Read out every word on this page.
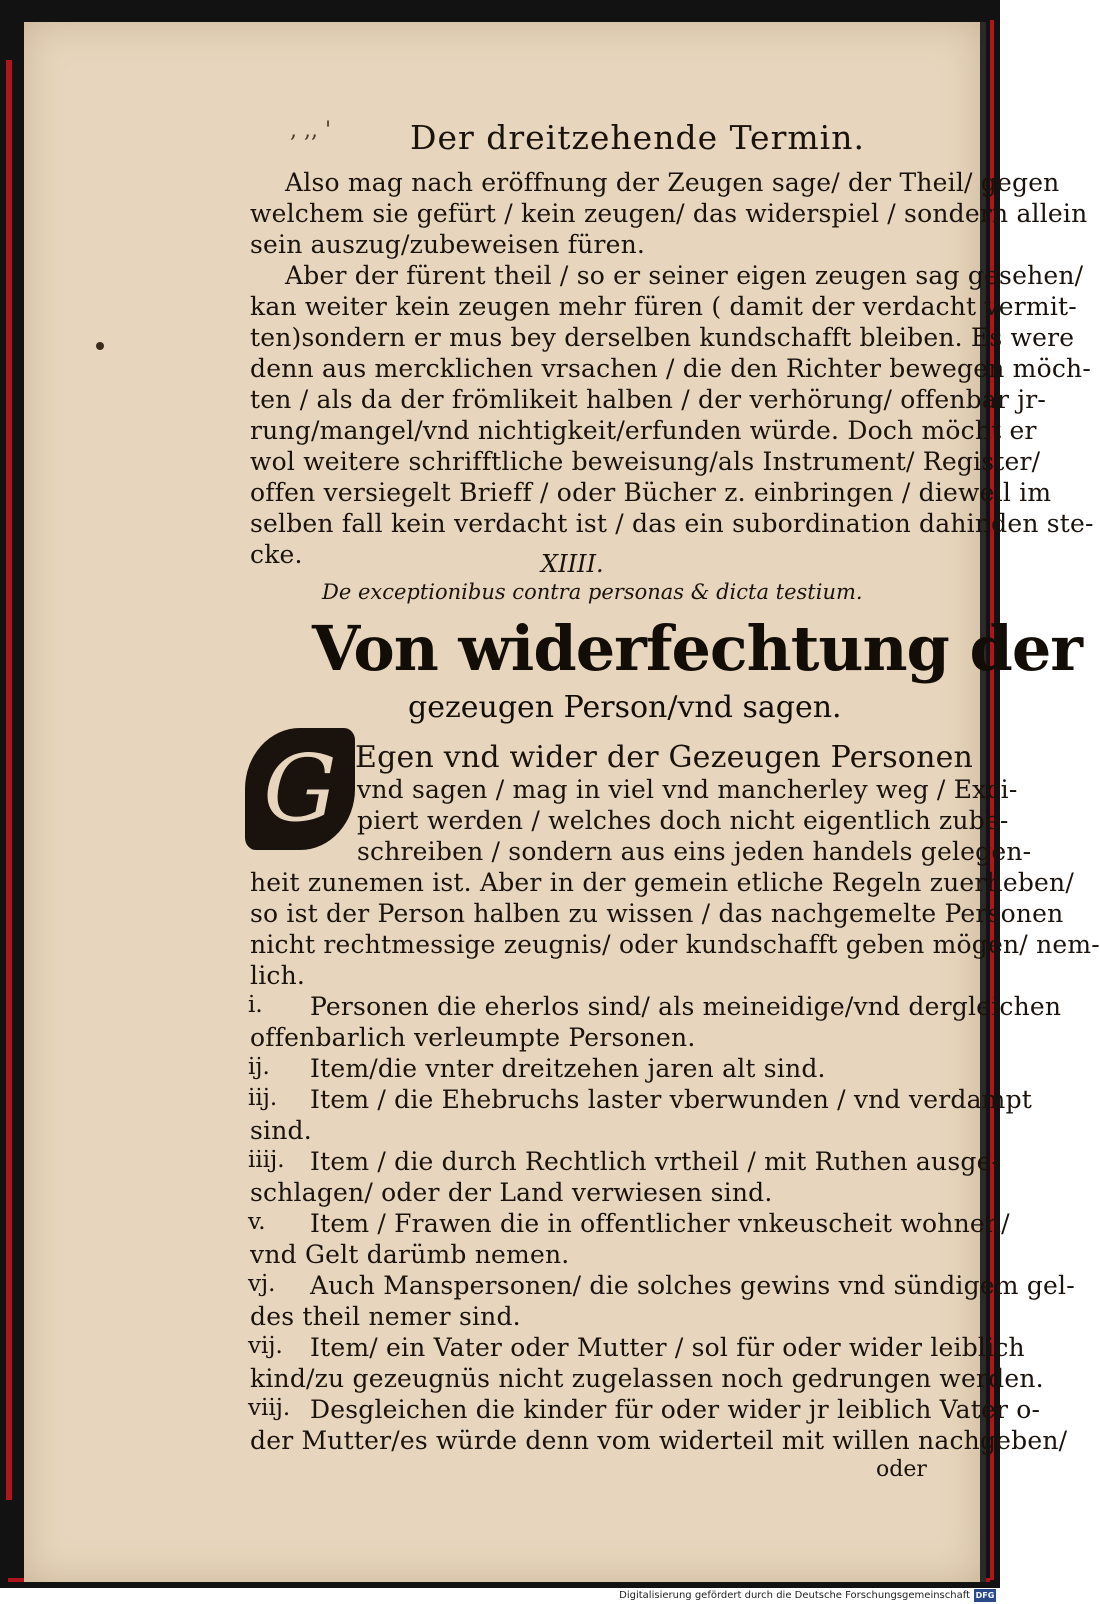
, ,, ' Der dreitzehende Termin.
Also mag nach eröffnung der Zeugen sage/ der Theil/ gegen
welchem sie gefürt / kein zeugen/ das widerspiel / sondern allein
sein auszug/zubeweisen füren.
Aber der fürent theil / so er seiner eigen zeugen sag gesehen/
kan weiter kein zeugen mehr füren ( damit der verdacht vermit-
ten)sondern er mus bey derselben kundschafft bleiben. Es were
denn aus mercklichen vrsachen / die den Richter bewegen möch-
ten / als da der frömlikeit halben / der verhörung/ offenbar jr-
rung/mangel/vnd nichtigkeit/erfunden würde. Doch möcht er
wol weitere schrifftliche beweisung/als Instrument/ Register/
offen versiegelt Brieff / oder Bücher z. einbringen / dieweil im
selben fall kein verdacht ist / das ein subordination dahinden ste-
cke.	XIIII.
De exceptionibus contra personas & dicta testium.
Von widerfechtung der
gezeugen Person/vnd sagen.
G Egen vnd wider der Gezeugen Personen
vnd sagen / mag in viel vnd mancherley weg / Exci-
piert werden / welches doch nicht eigentlich zube-
schreiben / sondern aus eins jeden handels gelegen-
heit zunemen ist. Aber in der gemein etliche Regeln zuerheben/
so ist der Person halben zu wissen / das nachgemelte Personen
nicht rechtmessige zeugnis/ oder kundschafft geben mögen/ nem-
lich.
i. Personen die eherlos sind/ als meineidige/vnd dergleichen
offenbarlich verleumpte Personen.
ij. Item/die vnter dreitzehen jaren alt sind.
iij. Item / die Ehebruchs laster vberwunden / vnd verdampt
sind.
iiij. Item / die durch Rechtlich vrtheil / mit Ruthen ausge-
schlagen/ oder der Land verwiesen sind.
v. Item / Frawen die in offentlicher vnkeuscheit wohnen/
vnd Gelt darümb nemen.
vj. Auch Manspersonen/ die solches gewins vnd sündigem gel-
des theil nemer sind.
vij. Item/ ein Vater oder Mutter / sol für oder wider leiblich
kind/zu gezeugnüs nicht zugelassen noch gedrungen werden.
viij. Desgleichen die kinder für oder wider jr leiblich Vater o-
der Mutter/es würde denn vom widerteil mit willen nachgeben/
oder
Digitalisierung gefördert durch die Deutsche Forschungsgemeinschaft DFG
